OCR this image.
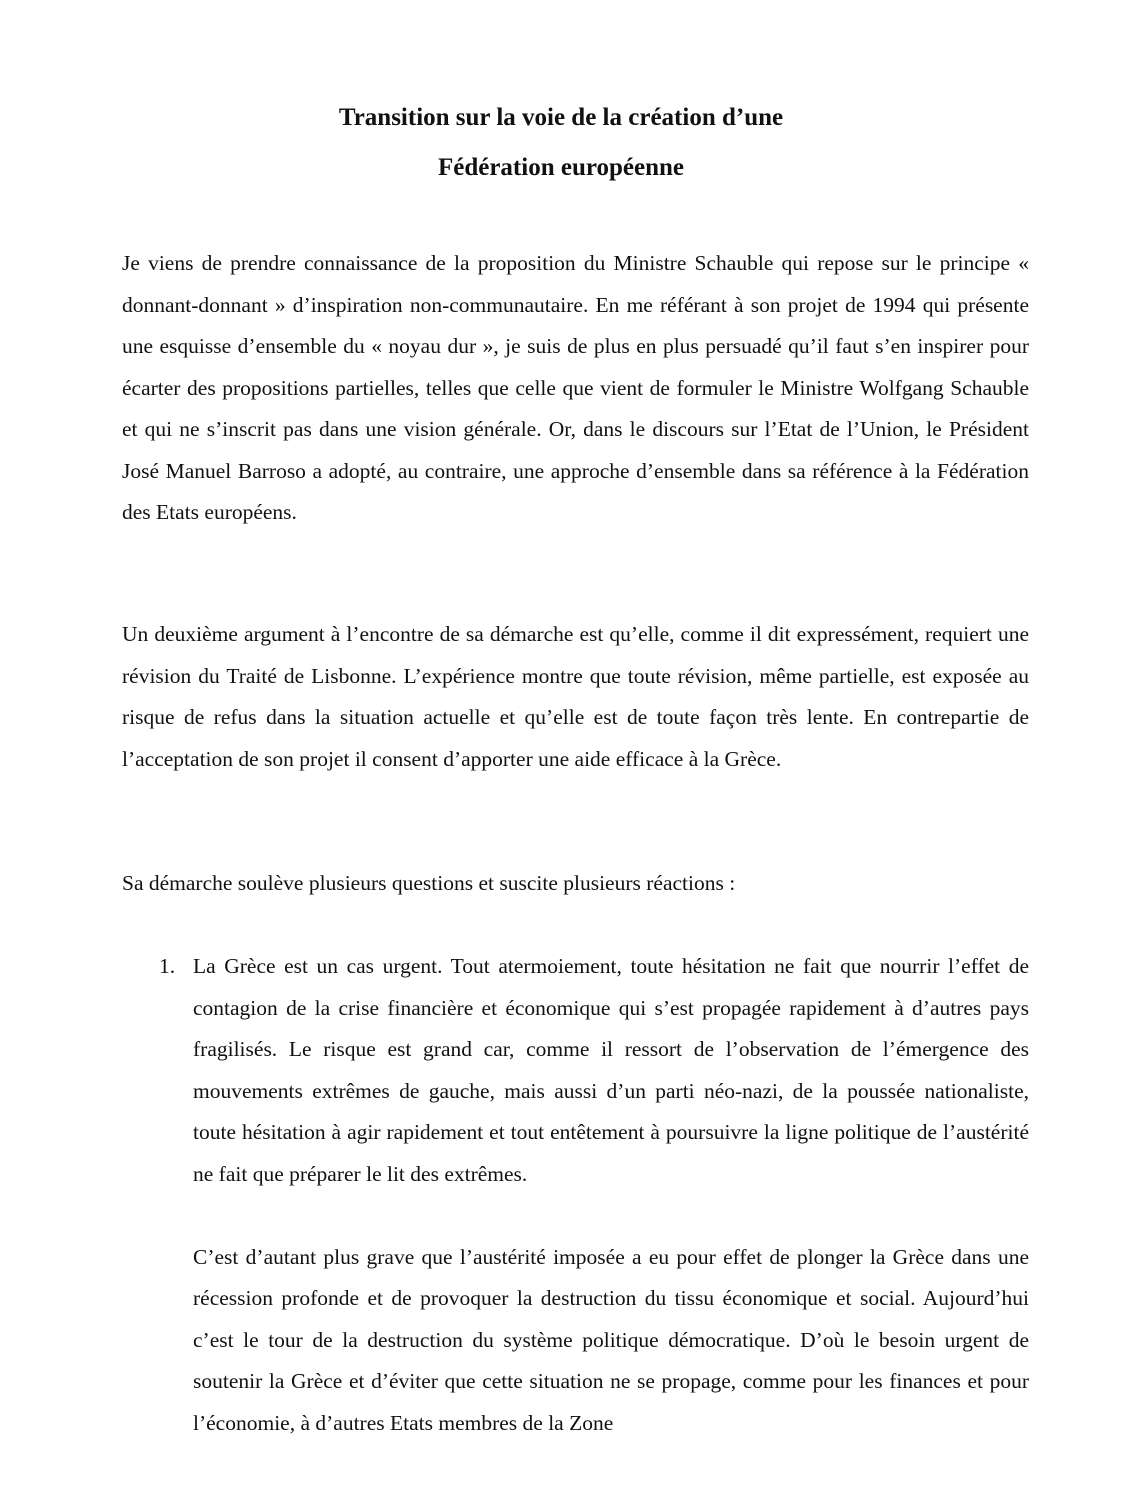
Transition sur la voie de la création d’une
Fédération européenne

Je viens de prendre connaissance de la proposition du Ministre Schauble qui repose sur le principe « donnant-donnant » d’inspiration non-communautaire. En me référant à son projet de 1994 qui présente une esquisse d’ensemble du « noyau dur », je suis de plus en plus persuadé qu’il faut s’en inspirer pour écarter des propositions partielles, telles que celle que vient de formuler le Ministre Wolfgang Schauble et qui ne s’inscrit pas dans une vision générale. Or, dans le discours sur l’Etat de l’Union, le Président José Manuel Barroso a adopté, au contraire, une approche d’ensemble dans sa référence à la Fédération des Etats européens.

Un deuxième argument à l’encontre de sa démarche est qu’elle, comme il dit expressément, requiert une révision du Traité de Lisbonne. L’expérience montre que toute révision, même partielle, est exposée au risque de refus dans la situation actuelle et qu’elle est de toute façon très lente. En contrepartie de l’acceptation de son projet il consent d’apporter une aide efficace à la Grèce.

Sa démarche soulève plusieurs questions et suscite plusieurs réactions :

1. La Grèce est un cas urgent. Tout atermoiement, toute hésitation ne fait que nourrir l’effet de contagion de la crise financière et économique qui s’est propagée rapidement à d’autres pays fragilisés. Le risque est grand car, comme il ressort de l’observation de l’émergence des mouvements extrêmes de gauche, mais aussi d’un parti néo-nazi, de la poussée nationaliste, toute hésitation à agir rapidement et tout entêtement à poursuivre la ligne politique de l’austérité ne fait que préparer le lit des extrêmes.

C’est d’autant plus grave que l’austérité imposée a eu pour effet de plonger la Grèce dans une récession profonde et de provoquer la destruction du tissu économique et social. Aujourd’hui c’est le tour de la destruction du système politique démocratique. D’où le besoin urgent de soutenir la Grèce et d’éviter que cette situation ne se propage, comme pour les finances et pour l’économie, à d’autres Etats membres de la Zone
